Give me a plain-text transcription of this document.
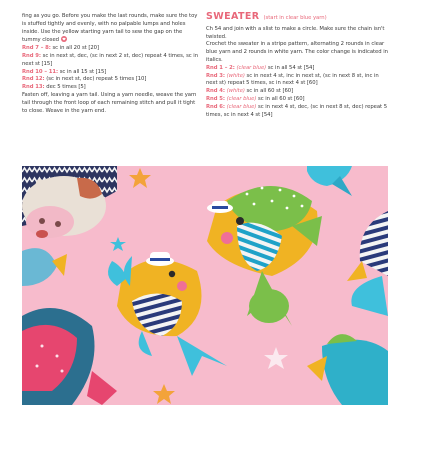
fing as you go. Before you make the last rounds, make sure the toy is stuffed tightly and evenly, with no palpable lumps and holes inside. Use the yellow starting yarn tail to sew the gap on the tummy closed

Rnd 7 – 8: sc in all 20 st [20]

Rnd 9: sc in next st, dec, (sc in next 2 st, dec) repeat 4 times, sc in next st [15]

Rnd 10 – 11: sc in all 15 st [15]

Rnd 12: (sc in next st, dec) repeat 5 times [10]

Rnd 13: dec 5 times [5]

Fasten off, leaving a yarn tail. Using a yarn needle, weave the yarn tail through the front loop of each remaining stitch and pull it tight to close. Weave in the yarn end.

SWEATER (start in clear blue yarn)

Ch 54 and join with a slist to make a circle. Make sure the chain isn't twisted.

Crochet the sweater in a stripe pattern, alternating 2 rounds in clear blue yarn and 2 rounds in white yarn. The color change is indicated in italics.

Rnd 1 – 2: (clear blue) sc in all 54 st [54]

Rnd 3: (white) sc in next 4 st, inc in next st, (sc in next 8 st, inc in next st) repeat 5 times, sc in next 4 st [60]

Rnd 4: (white) sc in all 60 st [60]

Rnd 5: (clear blue) sc in all 60 st [60]

Rnd 6: (clear blue) sc in next 4 st, dec, (sc in next 8 st, dec) repeat 5 times, sc in next 4 st [54]
